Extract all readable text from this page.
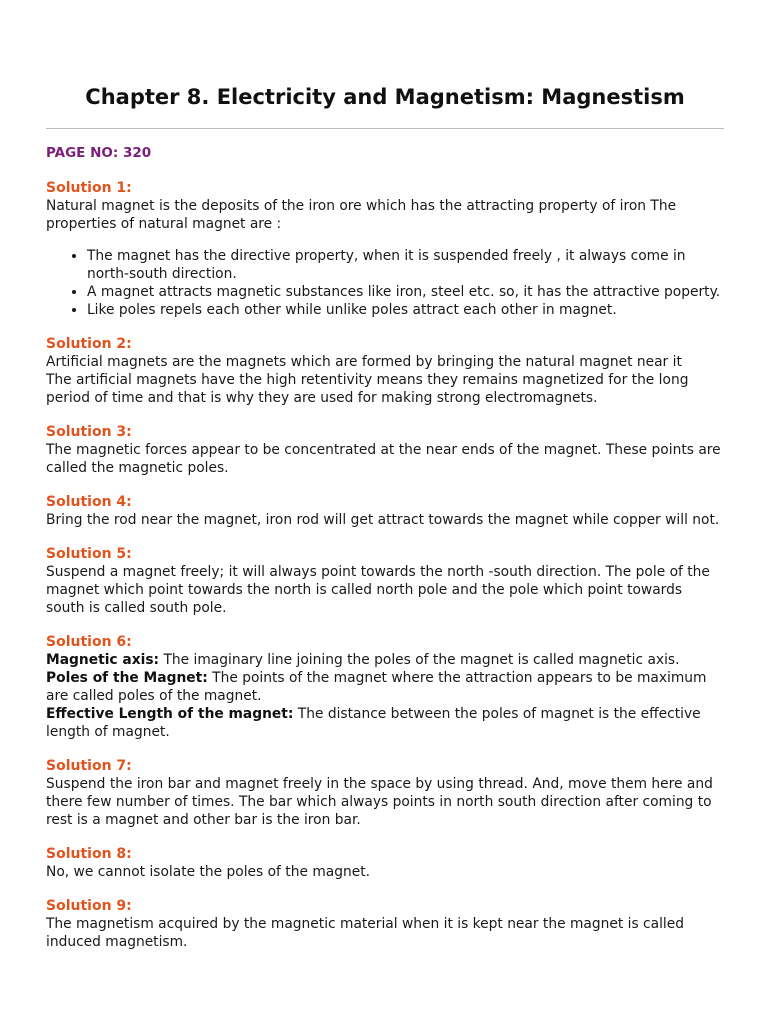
Chapter 8. Electricity and Magnetism: Magnestism
PAGE NO: 320
Solution 1:

Natural magnet is the deposits of the iron ore which has the attracting property of iron The properties of natural magnet are :

• The magnet has the directive property, when it is suspended freely , it always come in north-south direction.
• A magnet attracts magnetic substances like iron, steel etc. so, it has the attractive poperty.
• Like poles repels each other while unlike poles attract each other in magnet.
Solution 2:

Artificial magnets are the magnets which are formed by bringing the natural magnet near it

The artificial magnets have the high retentivity means they remains magnetized for the long period of time and that is why they are used for making strong electromagnets.

Solution 3:

The magnetic forces appear to be concentrated at the near ends of the magnet. These points are called the magnetic poles.

Solution 4:

Bring the rod near the magnet, iron rod will get attract towards the magnet while copper will not.

Solution 5:

Suspend a magnet freely; it will always point towards the north -south direction. The pole of the magnet which point towards the north is called north pole and the pole which point towards south is called south pole.

Solution 6:

Magnetic axis: The imaginary line joining the poles of the magnet is called magnetic axis.

Poles of the Magnet: The points of the magnet where the attraction appears to be maximum are called poles of the magnet.

Effective Length of the magnet: The distance between the poles of magnet is the effective length of magnet.

Solution 7:

Suspend the iron bar and magnet freely in the space by using thread. And, move them here and there few number of times. The bar which always points in north south direction after coming to rest is a magnet and other bar is the iron bar.

Solution 8:

No, we cannot isolate the poles of the magnet.

Solution 9:

The magnetism acquired by the magnetic material when it is kept near the magnet is called induced magnetism.
